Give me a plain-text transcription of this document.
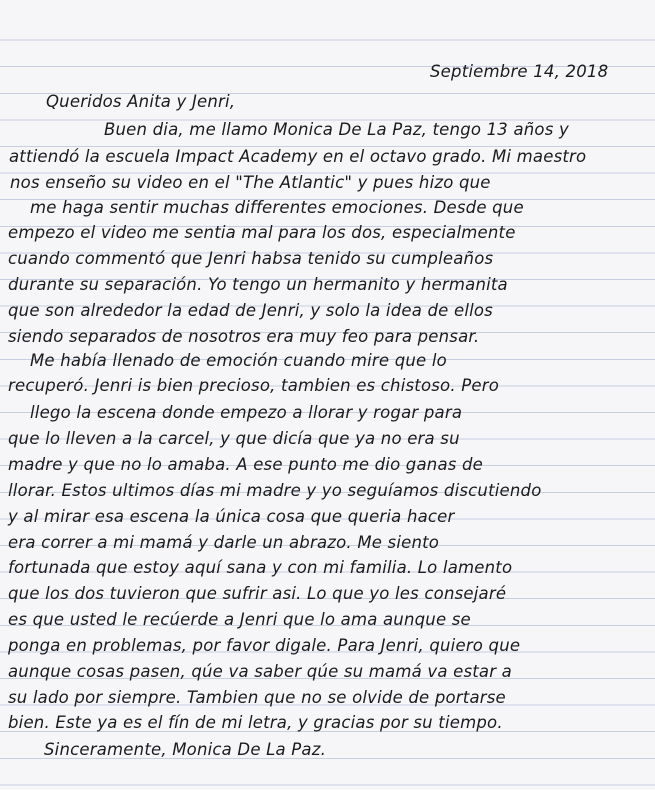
Septiembre 14, 2018
Queridos Anita y Jenri,
Buen dia, me llamo Monica De La Paz, tengo 13 años y
attiendó la escuela Impact Academy en el octavo grado. Mi maestro
nos enseño su video en el "The Atlantic" y pues hizo que
me haga sentir muchas differentes emociones. Desde que
empezo el video me sentia mal para los dos, especialmente
cuando commentó que Jenri habsa tenido su cumpleaños
durante su separación. Yo tengo un hermanito y hermanita
que son alrededor la edad de Jenri, y solo la idea de ellos
siendo separados de nosotros era muy feo para pensar.
Me había llenado de emoción cuando mire que lo
recuperó. Jenri is bien precioso, tambien es chistoso. Pero
llego la escena donde empezo a llorar y rogar para
que lo lleven a la carcel, y que dicía que ya no era su
madre y que no lo amaba. A ese punto me dio ganas de
llorar. Estos ultimos días mi madre y yo seguíamos discutiendo
y al mirar esa escena la única cosa que queria hacer
era correr a mi mamá y darle un abrazo. Me siento
fortunada que estoy aquí sana y con mi familia. Lo lamento
que los dos tuvieron que sufrir asi. Lo que yo les consejaré
es que usted le recúerde a Jenri que lo ama aunque se
ponga en problemas, por favor digale. Para Jenri, quiero que
aunque cosas pasen, qúe va saber qúe su mamá va estar a
su lado por siempre. Tambien que no se olvide de portarse
bien. Este ya es el fín de mi letra, y gracias por su tiempo.
Sinceramente, Monica De La Paz.
